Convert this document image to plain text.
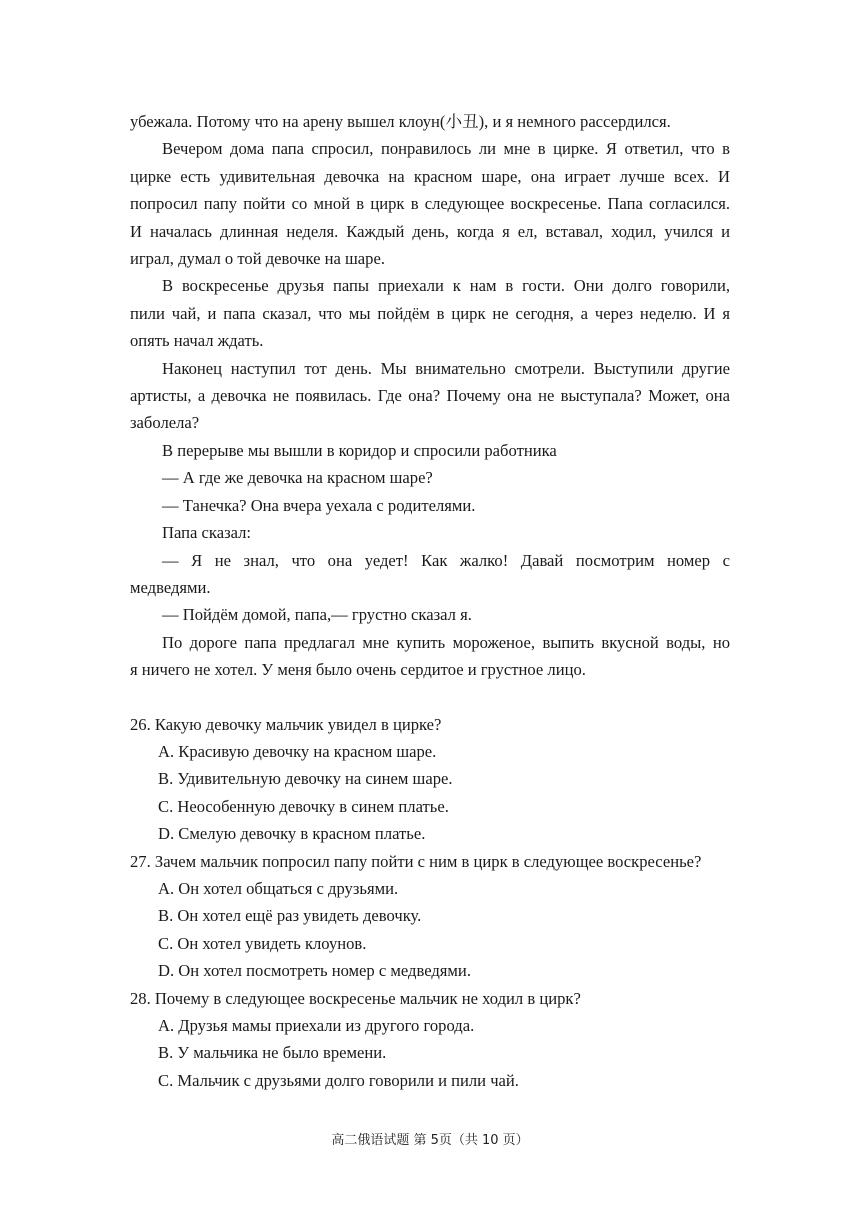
убежала. Потому что на арену вышел клоун(小丑), и я немного рассердился.

Вечером дома папа спросил, понравилось ли мне в цирке. Я ответил, что в

цирке есть удивительная девочка на красном шаре, она играет лучше всех. И

попросил папу пойти со мной в цирк в следующее воскресенье. Папа согласился.

И началась длинная неделя. Каждый день, когда я ел, вставал, ходил, учился и

играл, думал о той девочке на шаре.

В воскресенье друзья папы приехали к нам в гости. Они долго говорили,

пили чай, и папа сказал, что мы пойдём в цирк не сегодня, а через неделю. И я

опять начал ждать.

Наконец наступил тот день. Мы внимательно смотрели. Выступили другие

артисты, а девочка не появилась. Где она? Почему она не выступала? Может, она

заболела?

В перерыве мы вышли в коридор и спросили работника

— А где же девочка на красном шаре?

— Танечка? Она вчера уехала с родителями.

Папа сказал:

— Я не знал, что она уедет! Как жалко! Давай посмотрим номер с

медведями.

— Пойдём домой, папа,— грустно сказал я.

По дороге папа предлагал мне купить мороженое, выпить вкусной воды, но

я ничего не хотел. У меня было очень сердитое и грустное лицо.

26. Какую девочку мальчик увидел в цирке?

A. Красивую девочку на красном шаре.

B. Удивительную девочку на синем шаре.

C. Неособенную девочку в синем платье.

D. Смелую девочку в красном платье.

27. Зачем мальчик попросил папу пойти с ним в цирк в следующее воскресенье?

A. Он хотел общаться с друзьями.

B. Он хотел ещё раз увидеть девочку.

C. Он хотел увидеть клоунов.

D. Он хотел посмотреть номер с медведями.

28. Почему в следующее воскресенье мальчик не ходил в цирк?

A. Друзья мамы приехали из другого города.

B. У мальчика не было времени.

C. Мальчик с друзьями долго говорили и пили чай.

高二俄语试题 第 5页（共 10 页）
